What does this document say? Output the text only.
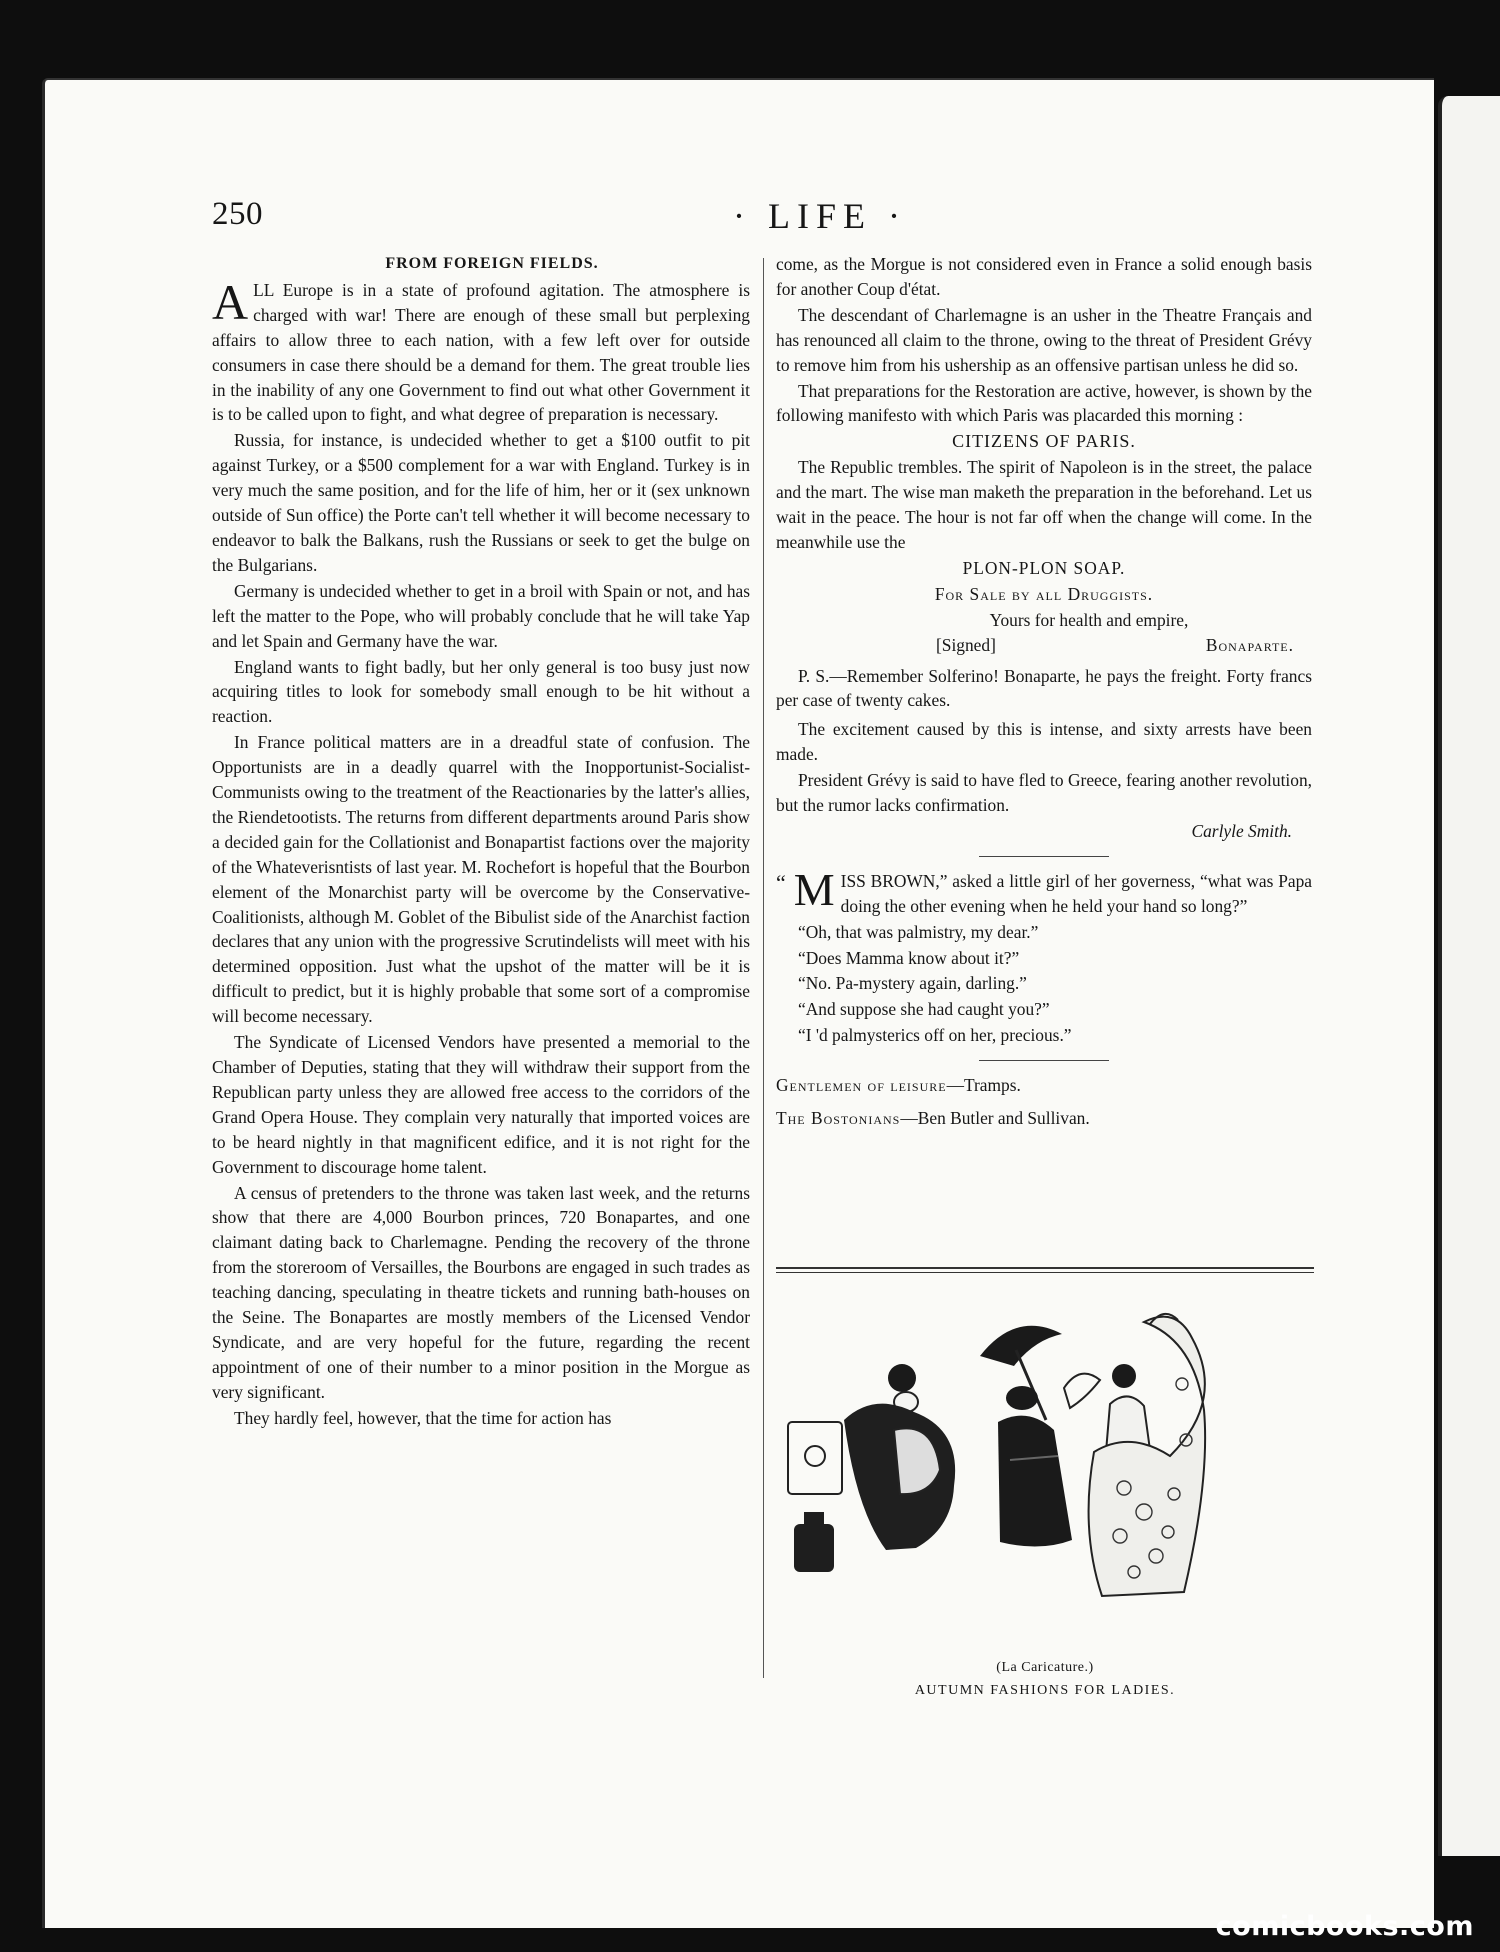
250	· LIFE ·

FROM FOREIGN FIELDS.

ALL Europe is in a state of profound agitation. The atmosphere is charged with war! There are enough of these small but perplexing affairs to allow three to each nation, with a few left over for outside consumers in case there should be a demand for them. The great trouble lies in the inability of any one Government to find out what other Government it is to be called upon to fight, and what degree of preparation is necessary.

Russia, for instance, is undecided whether to get a $100 outfit to pit against Turkey, or a $500 complement for a war with England. Turkey is in very much the same position, and for the life of him, her or it (sex unknown outside of Sun office) the Porte can't tell whether it will become necessary to endeavor to balk the Balkans, rush the Russians or seek to get the bulge on the Bulgarians.

Germany is undecided whether to get in a broil with Spain or not, and has left the matter to the Pope, who will probably conclude that he will take Yap and let Spain and Germany have the war.

England wants to fight badly, but her only general is too busy just now acquiring titles to look for somebody small enough to be hit without a reaction.

In France political matters are in a dreadful state of confusion. The Opportunists are in a deadly quarrel with the Inopportunist-Socialist-Communists owing to the treatment of the Reactionaries by the latter's allies, the Riendetootists. The returns from different departments around Paris show a decided gain for the Collationist and Bonapartist factions over the majority of the Whateverisntists of last year. M. Rochefort is hopeful that the Bourbon element of the Monarchist party will be overcome by the Conservative-Coalitionists, although M. Goblet of the Bibulist side of the Anarchist faction declares that any union with the progressive Scrutindelists will meet with his determined opposition. Just what the upshot of the matter will be it is difficult to predict, but it is highly probable that some sort of a compromise will become necessary.

The Syndicate of Licensed Vendors have presented a memorial to the Chamber of Deputies, stating that they will withdraw their support from the Republican party unless they are allowed free access to the corridors of the Grand Opera House. They complain very naturally that imported voices are to be heard nightly in that magnificent edifice, and it is not right for the Government to discourage home talent.

A census of pretenders to the throne was taken last week, and the returns show that there are 4,000 Bourbon princes, 720 Bonapartes, and one claimant dating back to Charlemagne. Pending the recovery of the throne from the storeroom of Versailles, the Bourbons are engaged in such trades as teaching dancing, speculating in theatre tickets and running bath-houses on the Seine. The Bonapartes are mostly members of the Licensed Vendor Syndicate, and are very hopeful for the future, regarding the recent appointment of one of their number to a minor position in the Morgue as very significant.

They hardly feel, however, that the time for action has

come, as the Morgue is not considered even in France a solid enough basis for another Coup d'état.

The descendant of Charlemagne is an usher in the Theatre Français and has renounced all claim to the throne, owing to the threat of President Grévy to remove him from his ushership as an offensive partisan unless he did so.

That preparations for the Restoration are active, however, is shown by the following manifesto with which Paris was placarded this morning :

CITIZENS OF PARIS.

The Republic trembles. The spirit of Napoleon is in the street, the palace and the mart. The wise man maketh the preparation in the beforehand. Let us wait in the peace. The hour is not far off when the change will come. In the meanwhile use the

PLON-PLON SOAP.

For Sale by all Druggists.

Yours for health and empire,

[Signed]	Bonaparte.

P. S.—Remember Solferino! Bonaparte, he pays the freight. Forty francs per case of twenty cakes.

The excitement caused by this is intense, and sixty arrests have been made.

President Grévy is said to have fled to Greece, fearing another revolution, but the rumor lacks confirmation.

Carlyle Smith.

“ M ISS BROWN,” asked a little girl of her governess, “what was Papa doing the other evening when he held your hand so long?”

“Oh, that was palmistry, my dear.”

“Does Mamma know about it?”

“No. Pa-mystery again, darling.”

“And suppose she had caught you?”

“I 'd palmysterics off on her, precious.”

Gentlemen of leisure—Tramps.

The Bostonians—Ben Butler and Sullivan.

(La Caricature.)
AUTUMN FASHIONS FOR LADIES.
comicbooks.com
